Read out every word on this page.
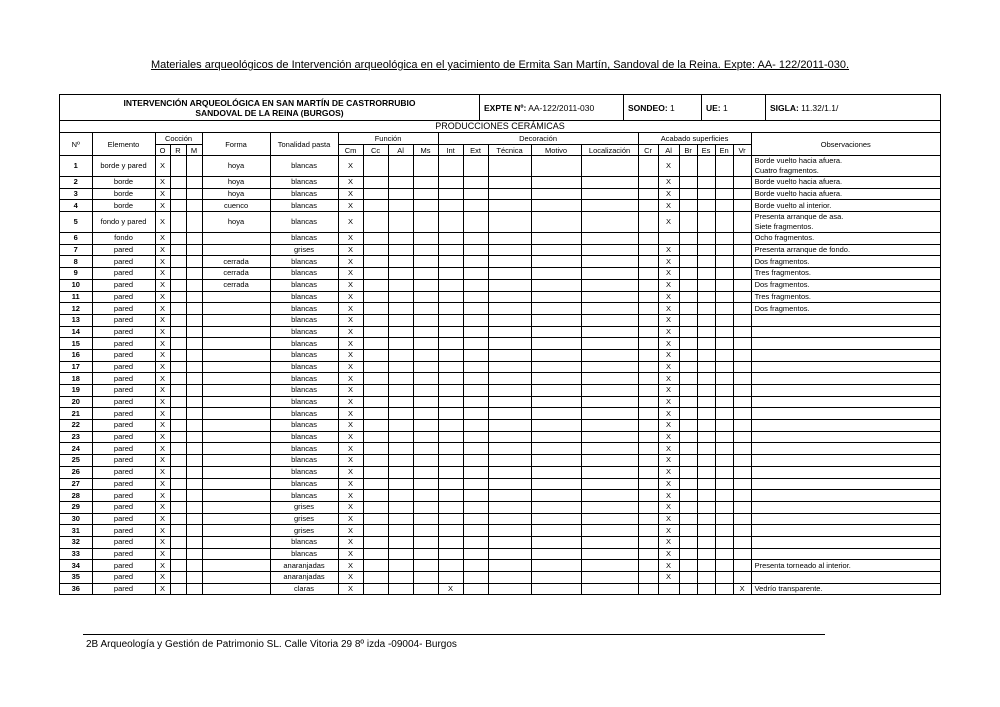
Materiales arqueológicos de Intervención arqueológica en el yacimiento de Ermita San Martín, Sandoval de la Reina. Expte: AA- 122/2011-030.
INTERVENCIÓN ARQUEOLÓGICA EN SAN MARTÍN DE CASTRORRUBIO
SANDOVAL DE LA REINA (BURGOS)	EXPTE Nº: AA-122/2011-030	SONDEO: 1	UE: 1	SIGLA: 11.32/1.1/
PRODUCCIONES CERÁMICAS
Nº	Elemento	Cocción			Forma	Tonalidad pasta	Función				Decoración					Acabado superficies						Observaciones
		O	R	M			Cm	Cc	Al	Ms	Int	Ext	Técnica	Motivo	Localización	Cr	Al	Br	Es	En	Vr	
1	borde y pared	X			hoya	blancas	X										X					Borde vuelto hacia afuera.
Cuatro fragmentos.

2	borde	X			hoya	blancas	X										X					Borde vuelto hacia afuera.

3	borde	X			hoya	blancas	X										X					Borde vuelto hacia afuera.

4	borde	X			cuenco	blancas	X										X					Borde vuelto al interior.

5	fondo y pared	X			hoya	blancas	X										X					Presenta arranque de asa.
Siete fragmentos.

6	fondo	X				blancas	X															Ocho fragmentos.

7	pared	X				grises	X										X					Presenta arranque de fondo.

8	pared	X			cerrada	blancas	X										X					Dos fragmentos.

9	pared	X			cerrada	blancas	X										X					Tres fragmentos.

10	pared	X			cerrada	blancas	X										X					Dos fragmentos.

11	pared	X				blancas	X										X					Tres fragmentos.

12	pared	X				blancas	X										X					Dos fragmentos.

13	pared	X				blancas	X										X					
14	pared	X				blancas	X										X					
15	pared	X				blancas	X										X					
16	pared	X				blancas	X										X					
17	pared	X				blancas	X										X					
18	pared	X				blancas	X										X					
19	pared	X				blancas	X										X					
20	pared	X				blancas	X										X					
21	pared	X				blancas	X										X					
22	pared	X				blancas	X										X					
23	pared	X				blancas	X										X					
24	pared	X				blancas	X										X					
25	pared	X				blancas	X										X					
26	pared	X				blancas	X										X					
27	pared	X				blancas	X										X					
28	pared	X				blancas	X										X					
29	pared	X				grises	X										X					
30	pared	X				grises	X										X					
31	pared	X				grises	X										X					
32	pared	X				blancas	X										X					
33	pared	X				blancas	X										X					
34	pared	X				anaranjadas	X										X					Presenta torneado al interior.

35	pared	X				anaranjadas	X										X					
36	pared	X				claras	X				X										X	Vedrío transparente.
2B Arqueología y Gestión de Patrimonio SL. Calle Vitoria 29 8º izda -09004- Burgos
